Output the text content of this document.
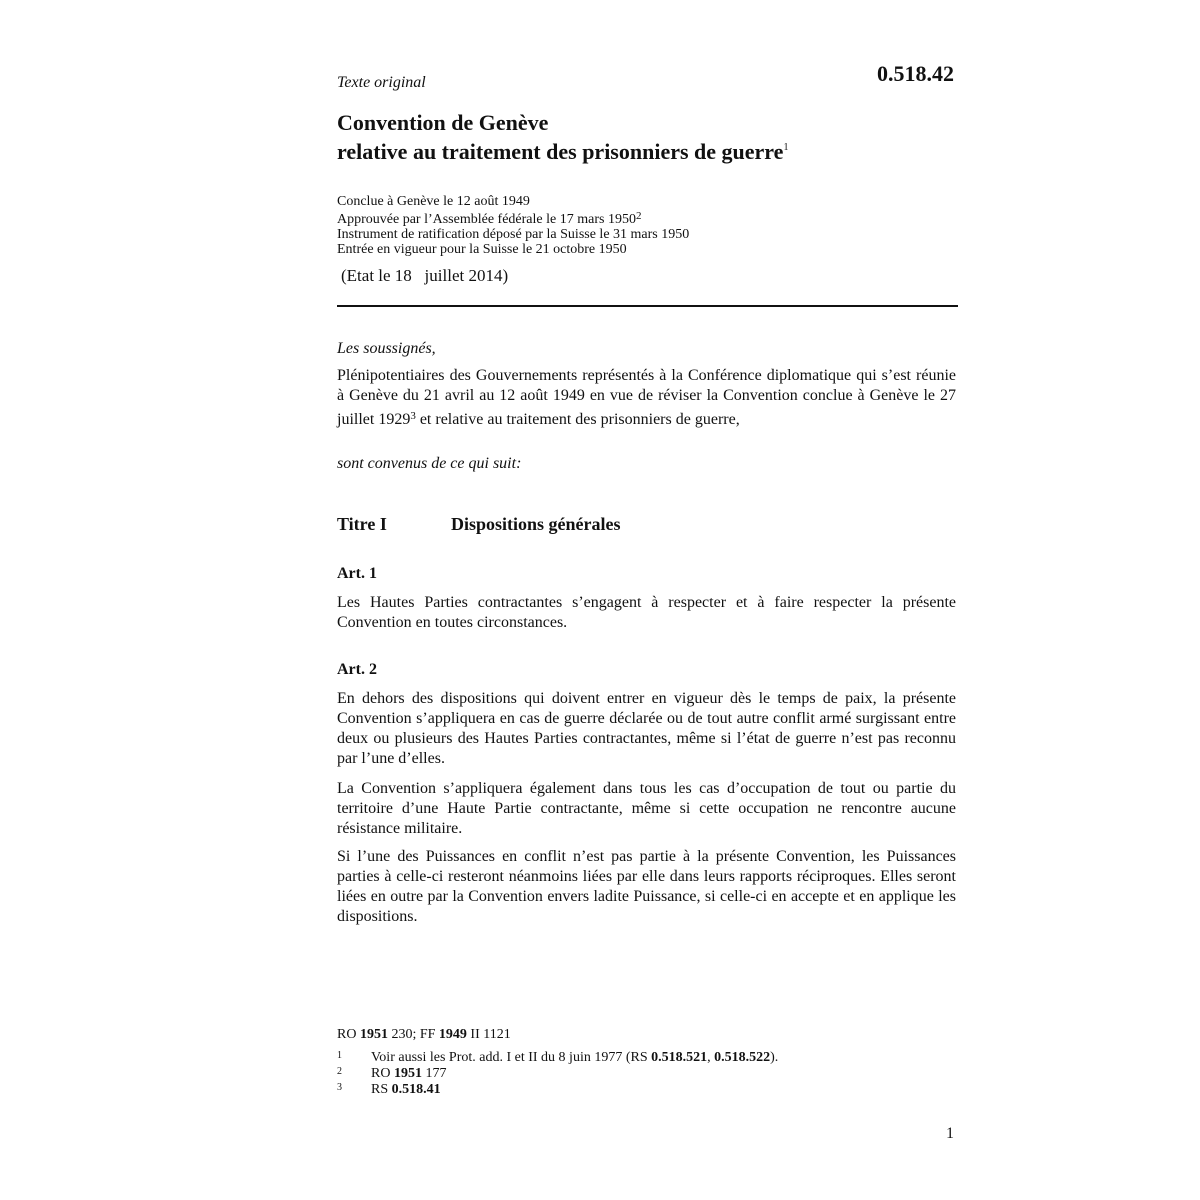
Texte original	0.518.42
Convention de Genève
relative au traitement des prisonniers de guerre$^1$
Conclue à Genève le 12 août 1949
Approuvée par l’Assemblée fédérale le 17 mars 1950$^2$
Instrument de ratification déposé par la Suisse le 31 mars 1950
Entrée en vigueur pour la Suisse le 21 octobre 1950
(Etat le 18   juillet 2014)
Les soussignés,
Plénipotentiaires des Gouvernements représentés à la Conférence diplomatique qui s’est réunie à Genève du 21 avril au 12 août 1949 en vue de réviser la Convention conclue à Genève le 27 juillet 1929$^3$ et relative au traitement des prisonniers de guerre,
sont convenus de ce qui suit:
Titre I	Dispositions générales
Art. 1
Les Hautes Parties contractantes s’engagent à respecter et à faire respecter la présente Convention en toutes circonstances.
Art. 2
En dehors des dispositions qui doivent entrer en vigueur dès le temps de paix, la présente Convention s’appliquera en cas de guerre déclarée ou de tout autre conflit armé surgissant entre deux ou plusieurs des Hautes Parties contractantes, même si l’état de guerre n’est pas reconnu par l’une d’elles.
La Convention s’appliquera également dans tous les cas d’occupation de tout ou partie du territoire d’une Haute Partie contractante, même si cette occupation ne rencontre aucune résistance militaire.
Si l’une des Puissances en conflit n’est pas partie à la présente Convention, les Puissances parties à celle-ci resteront néanmoins liées par elle dans leurs rapports réciproques. Elles seront liées en outre par la Convention envers ladite Puissance, si celle-ci en accepte et en applique les dispositions.
RO 1951 230; FF 1949 II 1121
1 Voir aussi les Prot. add. I et II du 8 juin 1977 (RS 0.518.521, 0.518.522).
2 RO 1951 177
3 RS 0.518.41
1
